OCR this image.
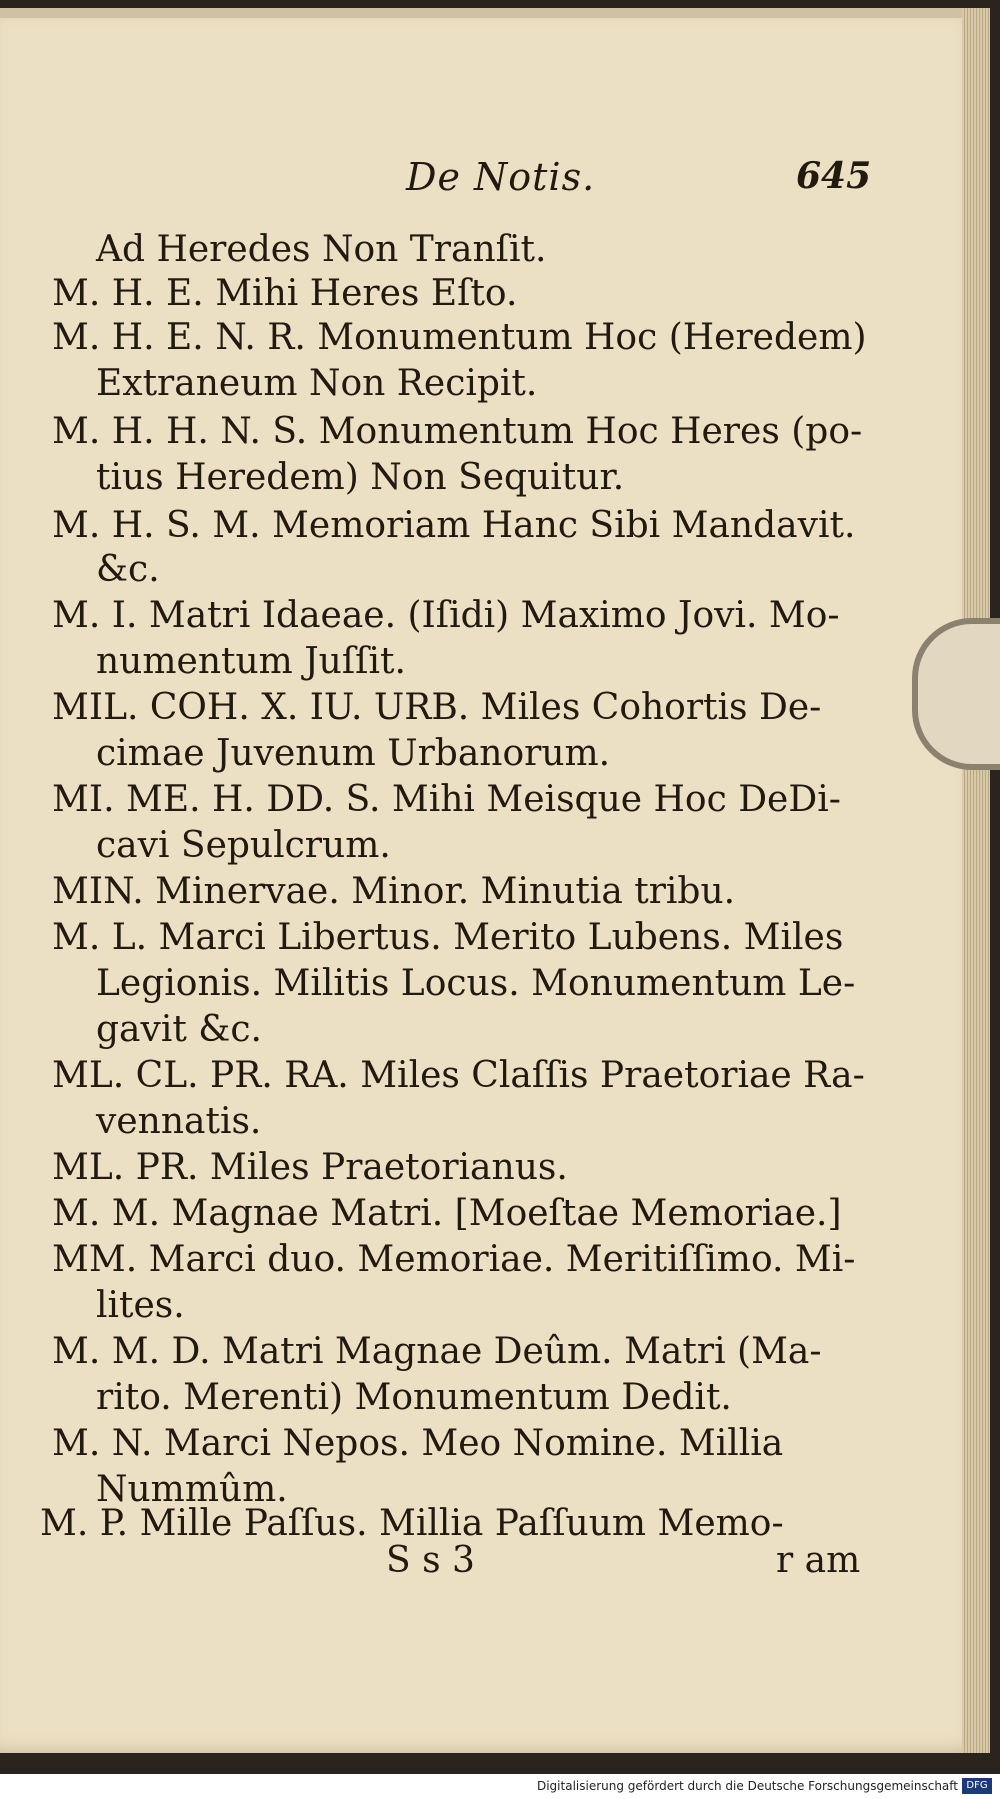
De Notis.	645
Ad Heredes Non Tranſit.
M. H. E. Mihi Heres Eſto.
M. H. E. N. R. Monumentum Hoc (Heredem)
Extraneum Non Recipit.
M. H. H. N. S. Monumentum Hoc Heres (po-
tius Heredem) Non Sequitur.
M. H. S. M. Memoriam Hanc Sibi Mandavit.
&c.
M. I. Matri Idaeae. (Iſidi) Maximo Jovi. Mo-
numentum Juſſit.
MIL. COH. X. IU. URB. Miles Cohortis De-
cimae Juvenum Urbanorum.
MI. ME. H. DD. S. Mihi Meisque Hoc DeDi-
cavi Sepulcrum.
MIN. Minervae. Minor. Minutia tribu.
M. L. Marci Libertus. Merito Lubens. Miles
Legionis. Militis Locus. Monumentum Le-
gavit &c.
ML. CL. PR. RA. Miles Claſſis Praetoriae Ra-
vennatis.
ML. PR. Miles Praetorianus.
M. M. Magnae Matri. [Moeſtae Memoriae.]
MM. Marci duo. Memoriae. Meritiſſimo. Mi-
lites.
M. M. D. Matri Magnae Deûm. Matri (Ma-
rito. Merenti) Monumentum Dedit.
M. N. Marci Nepos. Meo Nomine. Millia
Nummûm.
M. P. Mille Paſſus. Millia Paſſuum Memo-
S s 3	r am
Digitalisierung gefördert durch die Deutsche Forschungsgemeinschaft DFG
